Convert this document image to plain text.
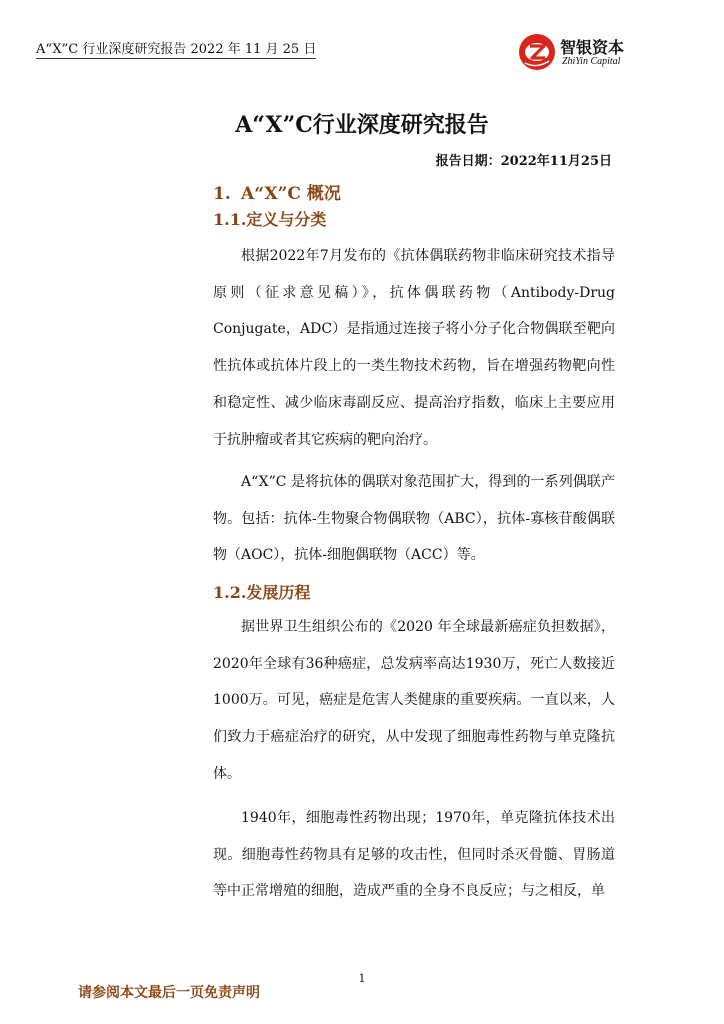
A“X”C 行业深度研究报告 2022 年 11 月 25 日	智银资本
ZhiYin Capital
A“X”C行业深度研究报告
报告日期：2022年11月25日
1. A“X”C 概况
1.1.定义与分类

根据2022年7月发布的《抗体偶联药物非临床研究技术指导原则（征求意见稿）》，抗体偶联药物（Antibody-Drug Conjugate，ADC）是指通过连接子将小分子化合物偶联至靶向性抗体或抗体片段上的一类生物技术药物，旨在增强药物靶向性和稳定性、减少临床毒副反应、提高治疗指数，临床上主要应用于抗肿瘤或者其它疾病的靶向治疗。

A“X”C 是将抗体的偶联对象范围扩大，得到的一系列偶联产物。包括：抗体-生物聚合物偶联物（ABC），抗体-寡核苷酸偶联物（AOC），抗体-细胞偶联物（ACC）等。

1.2.发展历程

据世界卫生组织公布的《2020 年全球最新癌症负担数据》，2020年全球有36种癌症，总发病率高达1930万，死亡人数接近1000万。可见，癌症是危害人类健康的重要疾病。一直以来，人们致力于癌症治疗的研究，从中发现了细胞毒性药物与单克隆抗体。

1940年，细胞毒性药物出现；1970年，单克隆抗体技术出现。细胞毒性药物具有足够的攻击性，但同时杀灭骨髓、胃肠道等中正常增殖的细胞，造成严重的全身不良反应；与之相反，单

1
请参阅本文最后一页免责声明
